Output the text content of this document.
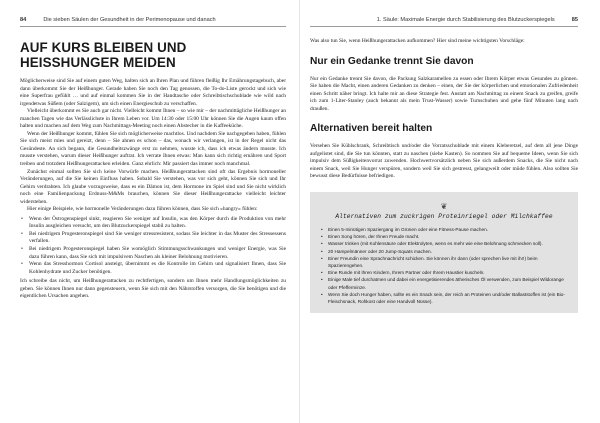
84	Die sieben Säulen der Gesundheit in der Perimenopause und danach
AUF KURS BLEIBEN UND HEISSHUNGER MEIDEN

Möglicherweise sind Sie auf einem guten Weg, halten sich an Ihren Plan und führen fleißig Ihr Ernährungstagebuch, aber dann überkommt Sie der Heißhunger. Gerade haben Sie noch den Tag genossen, die To-do-Liste gerockt und sich wie eine Superfrau gefühlt … und auf einmal kommen Sie in der Handtasche oder Schreibtischschublade wie wild nach irgendetwas Süßem (oder Salzigem), um sich einen Energieschub zu verschaffen.

Vielleicht überkommt es Sie auch gar nicht. Vielleicht kommt Ihnen – so wie mir – der nachmittägliche Heißhunger an manchen Tagen wie das Verlässlichste in Ihrem Leben vor. Um 14:30 oder 15:00 Uhr können Sie die Augen kaum offen halten und machen auf dem Weg zum Nachmittags-Meeting noch einen Abstecher in die Kaffeeküche.

Wenn der Heißhunger kommt, fühlen Sie sich möglicherweise machtlos. Und nachdem Sie nachgegeben haben, fühlen Sie sich meist mies und gereizt, denn – Sie ahnen es schon – das, wonach wir verlangen, ist in der Regel nicht das Gesündeste. An sich begann, die Gesundheitszwänge erst zu nehmen, wusste ich, dass ich etwas ändern musste. Ich musste verstehen, warum dieser Heißhunger auftrat. Ich verrate Ihnen etwas: Man kann sich richtig ernähren und Sport treiben und trotzdem Heißhungerattacken erleiden. Ganz ehrlich: Mir passiert das immer noch manchmal.

Zunächst einmal sollten Sie sich keine Vorwürfe machen. Heißhungerattacken sind oft das Ergebnis hormoneller Veränderungen, auf die Sie keinen Einfluss haben. Sobald Sie verstehen, was vor sich geht, können Sie sich und Ihr Gehirn verdrahten. Ich glaube vorzugsweise, dass es ein Dämon ist, dem Hormone im Spiel sind und Sie nicht wirklich noch eine Familienpackung Erdnuss-M&Ms brauchen, können Sie dieser Heißhungerattacke vielleicht leichter widerstehen.

Hier einige Beispiele, wie hormonelle Veränderungen dazu führen können, dass Sie sich »hangry« fühlen:

• Wenn der Östrogenspiegel sinkt, reagieren Sie weniger auf Insulin, was den Körper durch die Produktion von mehr Insulin ausgleichen versucht, um den Blutzuckerspiegel stabil zu halten.
• Bei niedrigem Progesteronspiegel sind Sie weniger stressresistent, sodass Sie leichter in das Muster des Stressessens verfallen.
• Bei niedrigem Progesteronspiegel haben Sie womöglich Stimmungsschwankungen und weniger Energie, was Sie dazu führen kann, dass Sie sich mit impulsivem Naschen als kleiner Belohnung motivieren.
• Wenn das Stresshormon Cortisol ansteigt, übernimmt es die Kontrolle im Gehirn und signalisiert Ihnen, dass Sie Kohlenhydrate und Zucker benötigen.

Ich schreibe das nicht, um Heißhungerattacken zu rechtfertigen, sondern um Ihnen mehr Handlungsmöglichkeiten zu geben. Sie können Ihnen nur dann gegensteuern, wenn Sie sich mit den Nährstoffen versorgen, die Sie benötigen und die eigentlichen Ursachen angehen.

1. Säule: Maximale Energie durch Stabilisierung des Blutzuckerspiegels	85

Was also tun Sie, wenn Heißhungerattacken aufkommen? Hier sind meine wichtigsten Vorschläge:

Nur ein Gedanke trennt Sie davon

Nur ein Gedanke trennt Sie davon, die Packung Salzkaramellen zu essen oder Ihrem Körper etwas Gesundes zu gönnen. Sie haben die Macht, einen anderen Gedanken zu denken – einen, der Sie der körperlichen und emotionalen Zufriedenheit einen Schritt näher bringt. Ich halte mir an diese Strategie fest. Anstatt am Nachmittag zu einem Snack zu greifen, greife ich zum 1-Liter-Stanley (auch bekannt als mein Trust-Wasser) sowie Turnschuhen und gehe fünf Minuten lang nach draußen.

Alternativen bereit halten

Versehen Sie Kühlschrank, Schreibtisch und/oder die Vorratsschublade mit einem Kleberetzel, auf dem all jene Dinge aufgelistet sind, die Sie tun könnten, statt zu naschen (siehe Kasten). So nommen Sie auf bequeme Ideen, wenn Sie sich impulsiv dem Süßigkeitenvorrat zuwenden. Hochwertvorsätzlich neben Sie sich außerdem Snacks, die Sie nicht nach einem Snack, weil Sie Hunger verspüren, sondern weil Sie sich gestresst, gelangweilt oder müde fühlen. Also sollten Sie bewusst diese Bedürfnisse befriedigen.

❦
Alternativen zum zuckrigen Proteinriegel oder Milchkaffee
• Einen 5-minütigen Spaziergang im Grünen oder eine Fitness-Pause machen.
• Einen Song hören, der Ihnen Freude macht.
• Wasser trinken (mit Kohlensäure oder Elektrolyten, wenn es mehr wie eine Belohnung schmecken soll).
• 20 Hampelmänner oder 20 Jump-Squats machen.
• Einer Freundin eine Sprachnachricht schicken. Sie können ihr dann (oder sprechen live mit ihr!) beim Spazierengehen.
• Eine Runde mit Ihren Kindern, Ihrem Partner oder Ihrem Haustier kuscheln.
• Einige Male tief durchatmen und dabei ein energetisierendes ätherisches Öl verwenden, zum Beispiel Wildorange oder Pfefferminze.
• Wenn Sie doch Hunger haben, sollte es ein Snack sein, der reich an Proteinen und/oder Ballaststoffen ist (ein Bio-Fleischsnack, Rohkost oder eine Handvoll Nüsse).
